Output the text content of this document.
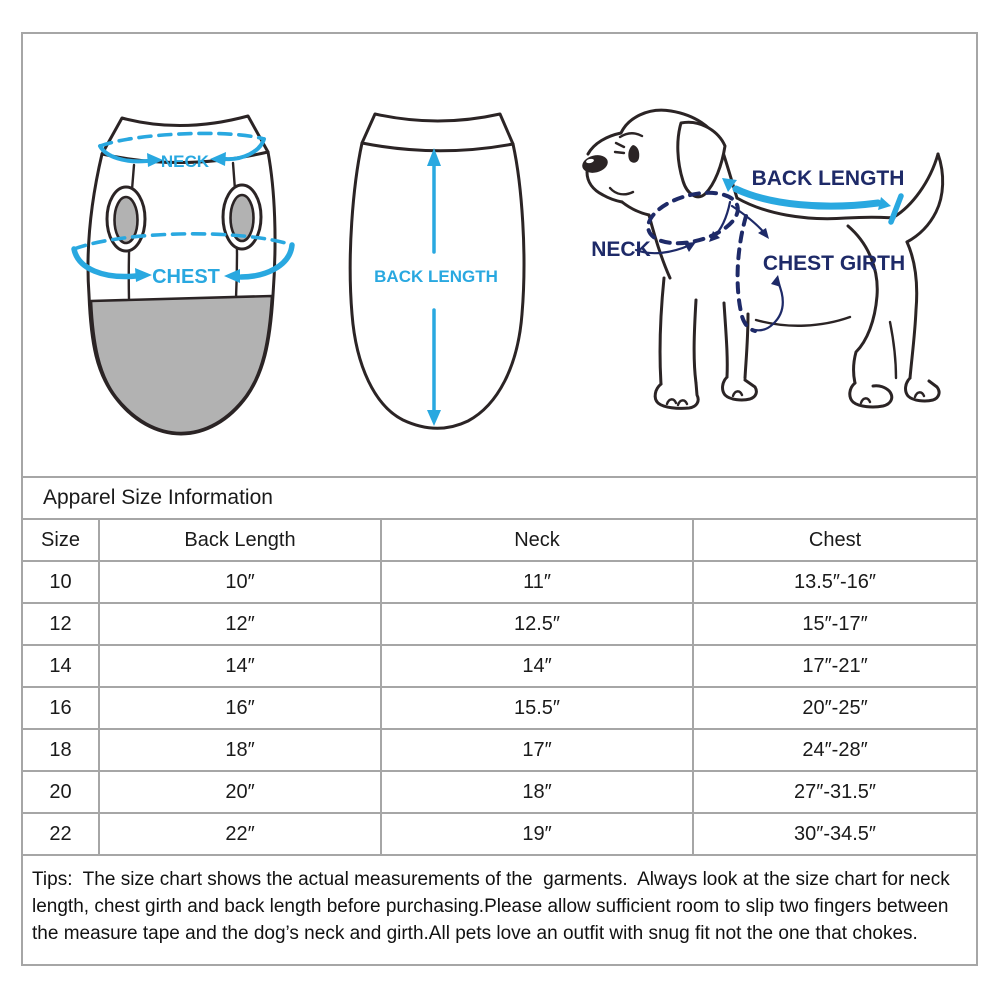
NECK
CHEST	BACK LENGTH
NECK
BACK LENGTH
CHEST GIRTH
Apparel Size Information
Size	Back Length	Neck	Chest
10	10″	11″	13.5″-16″
12	12″	12.5″	15″-17″
14	14″	14″	17″-21″
16	16″	15.5″	20″-25″
18	18″	17″	24″-28″
20	20″	18″	27″-31.5″
22	22″	19″	30″-34.5″
Tips:  The size chart shows the actual measurements of the  garments.  Always look at the size chart for neck length, chest girth and back length before purchasing.Please allow sufficient room to slip two fingers between the measure tape and the dog’s neck and girth.All pets love an outfit with snug fit not the one that chokes.
